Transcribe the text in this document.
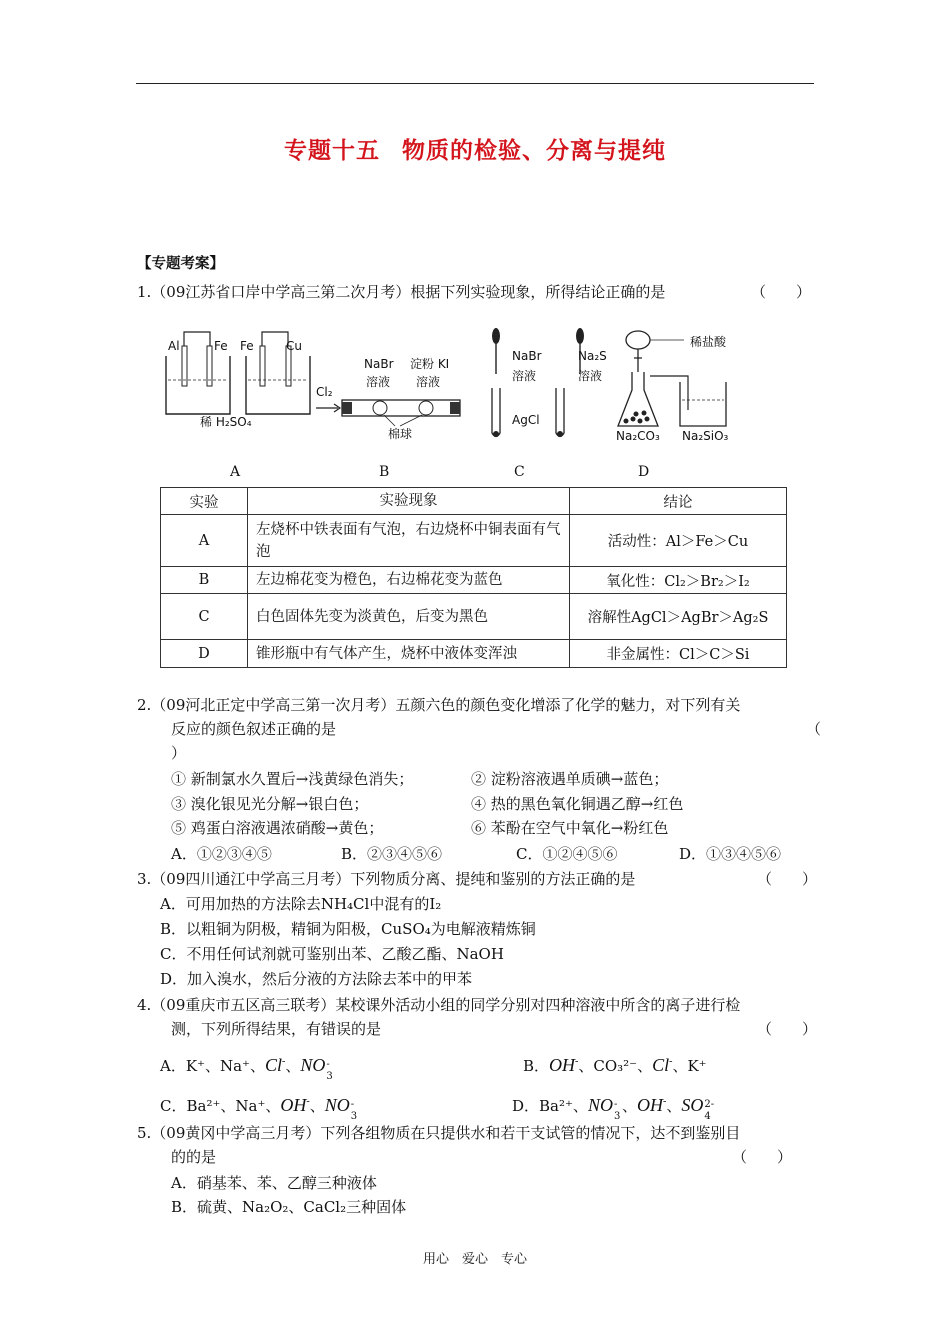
专题十五 物质的检验、分离与提纯
【专题考案】
1.（09江苏省口岸中学高三第二次月考）根据下列实验现象，所得结论正确的是	（　　）
Al	Fe Fe	Cu
稀 H₂SO₄
Cl₂
NaBr
溶液
淀粉 KI
溶液
棉球
NaBr
溶液
Na₂S
溶液
AgCl
稀盐酸
Na₂CO₃ Na₂SiO₃
A	B	C	D
实验	实验现象	结论
A	左烧杯中铁表面有气泡，右边烧杯中铜表面有气泡	活动性：Al＞Fe＞Cu
B	左边棉花变为橙色，右边棉花变为蓝色	氧化性：Cl₂＞Br₂＞I₂
C	白色固体先变为淡黄色，后变为黑色	溶解性AgCl＞AgBr＞Ag₂S
D	锥形瓶中有气体产生，烧杯中液体变浑浊	非金属性：Cl＞C＞Si
2.（09河北正定中学高三第一次月考）五颜六色的颜色变化增添了化学的魅力，对下列有关
反应的颜色叙述正确的是	（
）
① 新制氯水久置后→浅黄绿色消失；	② 淀粉溶液遇单质碘→蓝色；
③ 溴化银见光分解→银白色；	④ 热的黑色氧化铜遇乙醇→红色
⑤ 鸡蛋白溶液遇浓硝酸→黄色；	⑥ 苯酚在空气中氧化→粉红色
A．①②③④⑤	B．②③④⑤⑥	C．①②④⑤⑥	D．①③④⑤⑥
3.（09四川通江中学高三月考）下列物质分离、提纯和鉴别的方法正确的是	（　　）
A．可用加热的方法除去NH₄Cl中混有的I₂
B．以粗铜为阴极，精铜为阳极，CuSO₄为电解液精炼铜
C．不用任何试剂就可鉴别出苯、乙酸乙酯、NaOH
D．加入溴水，然后分液的方法除去苯中的甲苯
4.（09重庆市五区高三联考）某校课外活动小组的同学分别对四种溶液中所含的离子进行检
测，下列所得结果，有错误的是	（　　）
A．K⁺、Na⁺、Cl-、NO -
3
B．OH-、CO₃²⁻、Cl-、K⁺
C．Ba²⁺、Na⁺、OH-、NO -
3
D．Ba²⁺、NO -
3
、OH-、SO 2-
4
5.（09黄冈中学高三月考）下列各组物质在只提供水和若干支试管的情况下，达不到鉴别目
的的是	（　　）
A．硝基苯、苯、乙醇三种液体
B．硫黄、Na₂O₂、CaCl₂三种固体
用心　爱心　专心
